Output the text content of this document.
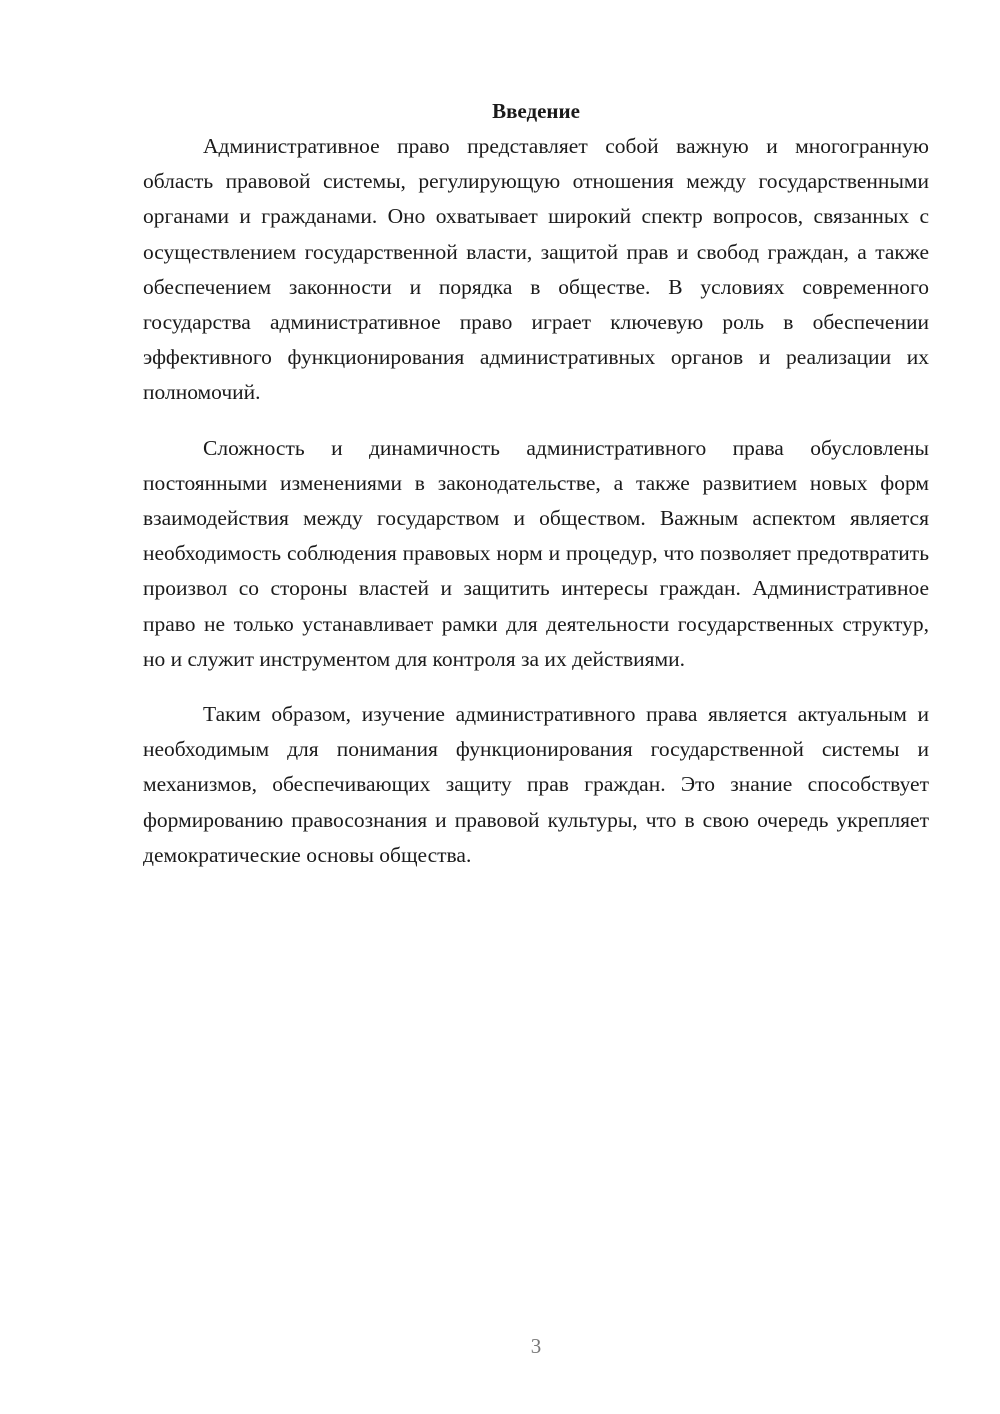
Введение

Административное право представляет собой важную и многогранную область правовой системы, регулирующую отношения между государственными органами и гражданами. Оно охватывает широкий спектр вопросов, связанных с осуществлением государственной власти, защитой прав и свобод граждан, а также обеспечением законности и порядка в обществе. В условиях современного государства административное право играет ключевую роль в обеспечении эффективного функционирования административных органов и реализации их полномочий.

Сложность и динамичность административного права обусловлены постоянными изменениями в законодательстве, а также развитием новых форм взаимодействия между государством и обществом. Важным аспектом является необходимость соблюдения правовых норм и процедур, что позволяет предотвратить произвол со стороны властей и защитить интересы граждан. Административное право не только устанавливает рамки для деятельности государственных структур, но и служит инструментом для контроля за их действиями.

Таким образом, изучение административного права является актуальным и необходимым для понимания функционирования государственной системы и механизмов, обеспечивающих защиту прав граждан. Это знание способствует формированию правосознания и правовой культуры, что в свою очередь укрепляет демократические основы общества.

3
